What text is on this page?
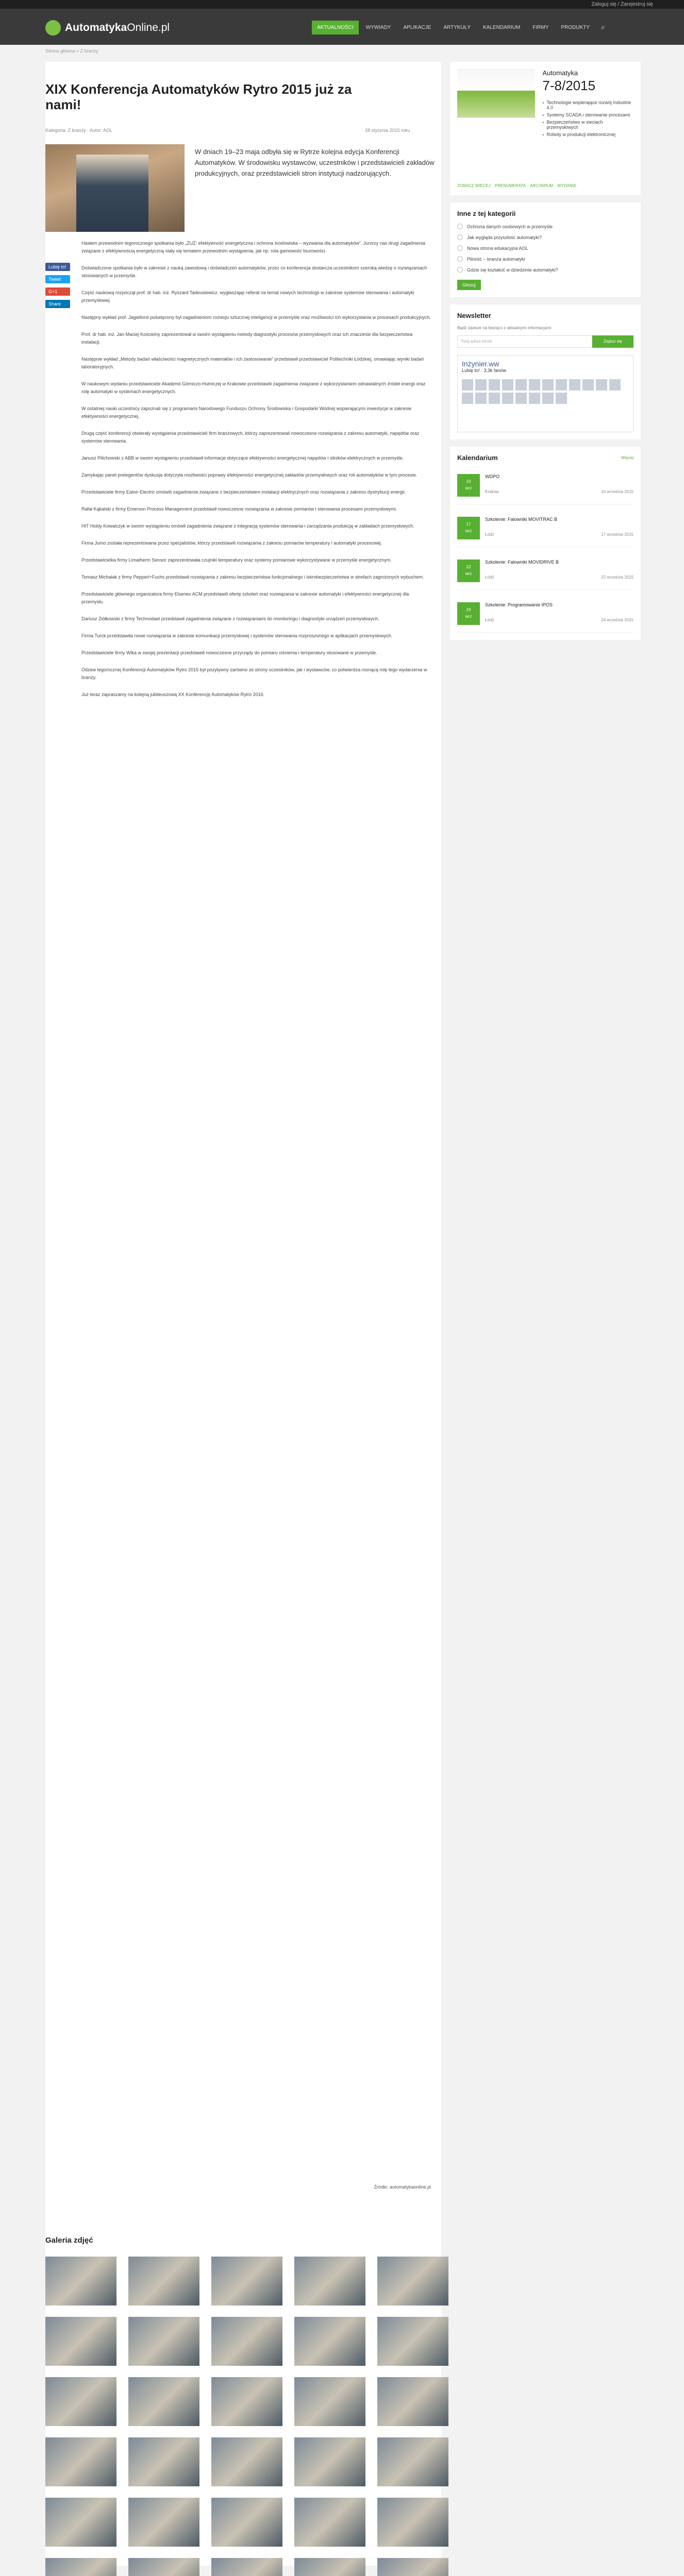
Zaloguj się / Zarejestruj się
Automatyka Online.pl	AKTUALNOŚCI	WYWIADY	APLIKACJE	ARTYKUŁY	KALENDARIUM	FIRMY	PRODUKTY	⌕
Strona główna » Z branży
XIX Konferencja Automatyków Rytro 2015 już za nami!
Kategoria: Z branży · Autor: AOL	28 stycznia 2015 roku
W dniach 19–23 maja odbyła się w Rytrze kolejna edycja Konferencji Automatyków. W środowisku wystawców, uczestników i przedstawicieli zakładów produkcyjnych, oraz przedstawicieli stron instytucji nadzorujących.
Lubię to!
Tweet
G+1
Share

Hasłem przewodnim tegorocznego spotkania było „ZUŻ: efektywność energetyczna i ochrona środowiska – wyzwania dla automatyków”. Jurorzy nas drugi zagadnienia związane z efektywnością energetyczną stały się tematem przewodnim wystąpienia, jak np. rola gamowość biurowości.

Doświadczone spotkania było w zakresie z nauką zawodową i doświadczeń automatyków, przez co konferencja dostarcza uczestnikom szeroką wiedzę o rozwiązaniach stosowanych w przemyśle.

Część naukową rozpoczął prof. dr hab. inż. Ryszard Tadeusiewicz, wygłaszając referat na temat nowych technologii w zakresie systemów sterowania i automatyki przemysłowej.

Następny wykład prof. Jagiellonii poświęcony był zagadnieniom rozwoju sztucznej inteligencji w przemyśle oraz możliwości ich wykorzystania w procesach produkcyjnych.

Prof. dr hab. inż. Jan Maciej Kościelny zaprezentował w swoim wystąpieniu metody diagnostyki procesów przemysłowych oraz ich znaczenie dla bezpieczeństwa instalacji.

Następnie wykład „Metody badań właściwości magnetycznych materiałów i ich zastosowanie” przedstawił przedstawiciel Politechniki Łódzkiej, omawiając wyniki badań laboratoryjnych.

W naukowym wydaniu przedstawiciele Akademii Górniczo-Hutniczej w Krakowie przedstawili zagadnienia związane z wykorzystaniem odnawialnych źródeł energii oraz rolę automatyki w systemach energetycznych.

W ostatniej nauki uczestnicy zapoznali się z programami Narodowego Funduszu Ochrony Środowiska i Gospodarki Wodnej wspierającymi inwestycje w zakresie efektywności energetycznej.

Drugą część konferencji otwierały wystąpienia przedstawicieli firm branżowych, którzy zaprezentowali nowoczesne rozwiązania z zakresu automatyki, napędów oraz systemów sterowania.

Janusz Pilichowski z ABB w swoim wystąpieniu przedstawił informacje dotyczące efektywności energetycznej napędów i silników elektrycznych w przemyśle.

Zamykając panel prelegentów dyskusja dotyczyła możliwości poprawy efektywności energetycznej zakładów przemysłowych oraz roli automatyków w tym procesie.

Przedstawiciele firmy Eaton Electric omówili zagadnienia związane z bezpieczeństwem instalacji elektrycznych oraz rozwiązania z zakresu dystrybucji energii.

Rafał Kąkalski z firmy Emerson Process Management przedstawił nowoczesne rozwiązania w zakresie pomiarów i sterowania procesami przemysłowymi.

HIT Holdy Kowalczyk w swoim wystąpieniu omówił zagadnienia związane z integracją systemów sterowania i zarządzania produkcją w zakładach przemysłowych.

Firma Jumo została reprezentowana przez specjalistów, którzy przedstawili rozwiązania z zakresu pomiarów temperatury i automatyki procesowej.

Przedstawicielka firmy Limatherm Sensor zaprezentowała czujniki temperatury oraz systemy pomiarowe wykorzystywane w przemyśle energetycznym.

Tomasz Michalak z firmy Pepperl+Fuchs przedstawił rozwiązania z zakresu bezpieczeństwa funkcjonalnego i iskrobezpieczeństwa w strefach zagrożonych wybuchem.

Przedstawiciele głównego organizatora firmy Elsenex ACM przedstawili ofertę szkoleń oraz rozwiązania w zakresie automatyki i efektywności energetycznej dla przemysłu.

Dariusz Ziółkowski z firmy Technodaet przedstawił zagadnienia związane z rozwiązaniami do monitoringu i diagnostyki urządzeń przemysłowych.

Firma Turck przedstawiła nowe rozwiązania w zakresie komunikacji przemysłowej i systemów sterowania rozproszonego w aplikacjach przemysłowych.

Przedstawiciele firmy Wika w swojej prezentacji przedstawili nowoczesne przyrządy do pomiaru ciśnienia i temperatury stosowane w przemyśle.

Odzew tegorocznej Konferencji Automatyków Rytro 2015 był pozytywny zarówno ze strony uczestników, jak i wystawców, co potwierdza rosnącą rolę tego wydarzenia w branży.

Już teraz zapraszamy na kolejną jubileuszową XX Konferencję Automatyków Rytro 2016.

Źródło: automatykaonline.pl
Galeria zdjęć
Automatyka
7-8/2015
■ Technologie wspierające rozwój Industrie 4.0
■ Systemy SCADA i sterowanie procesami
■ Bezpieczeństwo w sieciach przemysłowych
■ Roboty w produkcji elektronicznej
ZOBACZ WIĘCEJ PRENUMERATA ARCHIWUM WYDANIE
Inne z tej kategorii
Ochrona danych osobowych w przemyśle
Jak wygląda przyszłość automatyki?
Nowa strona edukacyjna AOL
Pilność – branża automatyki
Gdzie się kształcić w dziedzinie automatyki?
Głosuj
Newsletter
Bądź zawsze na bieżąco z aktualnymi informacjami
Twój adres email	Zapisz się
Inżynier.ww
Lubię to! · 3,3k fanów
Kalendarium	Więcej
10
wrz
WDPO
Kraków	10 września 2015
17
wrz
Szkolenie: Falowniki MOVITRAC B
Łódź	17 września 2015
22
wrz
Szkolenie: Falowniki MOVIDRIVE B
Łódź	22 września 2015
24
wrz
Szkolenie: Programowanie IPOS
Łódź	24 września 2015
